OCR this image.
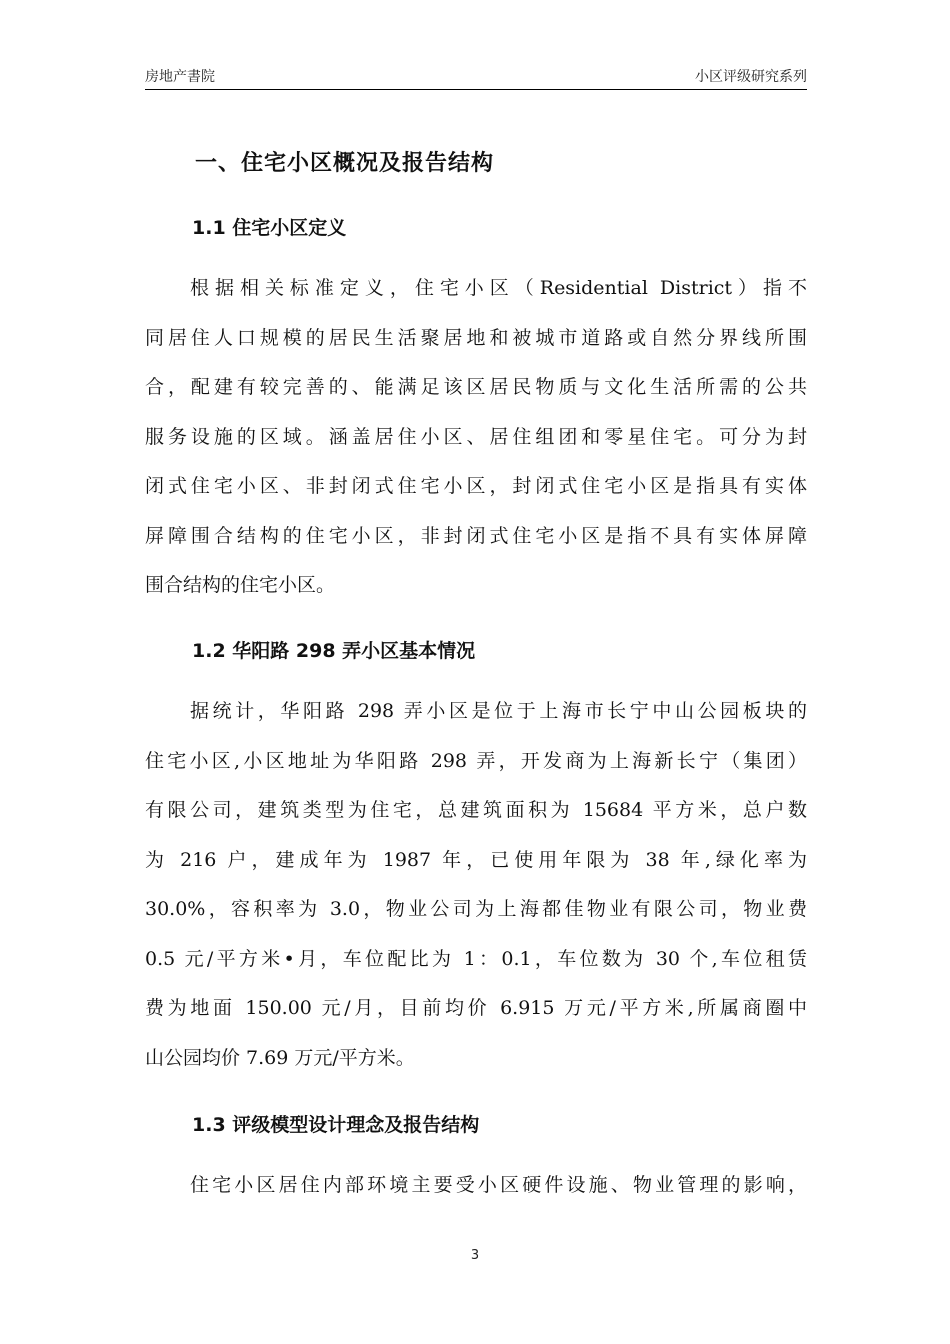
房地产書院	小区评级研究系列
一、住宅小区概况及报告结构
1.1 住宅小区定义
根据相关标准定义，住宅小区（Residential District）指不
同居住人口规模的居民生活聚居地和被城市道路或自然分界线所围
合，配建有较完善的、能满足该区居民物质与文化生活所需的公共
服务设施的区域。涵盖居住小区、居住组团和零星住宅。可分为封
闭式住宅小区、非封闭式住宅小区，封闭式住宅小区是指具有实体
屏障围合结构的住宅小区，非封闭式住宅小区是指不具有实体屏障
围合结构的住宅小区。
1.2 华阳路 298 弄小区基本情况
据统计，华阳路 298 弄小区是位于上海市长宁中山公园板块的
住宅小区,小区地址为华阳路 298 弄，开发商为上海新长宁（集团）
有限公司，建筑类型为住宅，总建筑面积为 15684 平方米，总户数
为 216 户，建成年为 1987 年，已使用年限为 38 年,绿化率为
30.0%，容积率为 3.0，物业公司为上海都佳物业有限公司，物业费
0.5 元/平方米•月，车位配比为 1：0.1，车位数为 30 个,车位租赁
费为地面 150.00 元/月，目前均价 6.915 万元/平方米,所属商圈中
山公园均价 7.69 万元/平方米。
1.3 评级模型设计理念及报告结构
住宅小区居住内部环境主要受小区硬件设施、物业管理的影响，
3
